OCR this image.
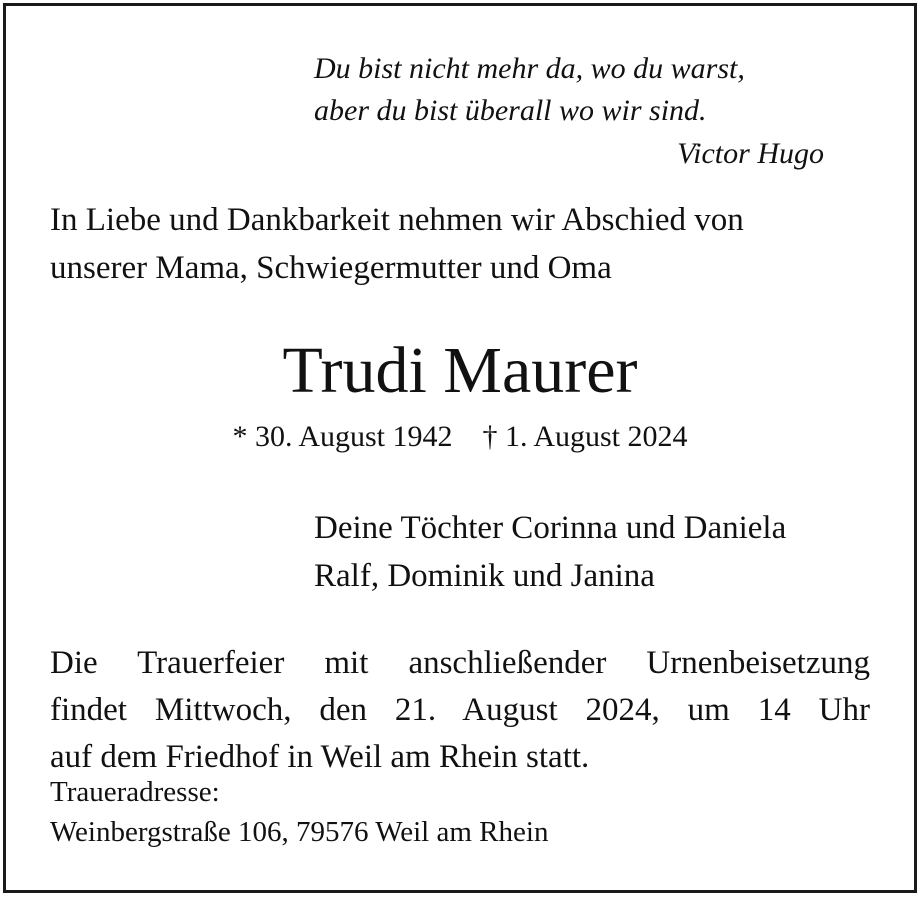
Du bist nicht mehr da, wo du warst,
aber du bist überall wo wir sind.
Victor Hugo
In Liebe und Dankbarkeit nehmen wir Abschied von
unserer Mama, Schwiegermutter und Oma
Trudi Maurer
* 30. August 1942 † 1. August 2024
Deine Töchter Corinna und Daniela
Ralf, Dominik und Janina
Die Trauerfeier mit anschließender Urnenbeisetzung
findet Mittwoch, den 21. August 2024, um 14 Uhr
auf dem Friedhof in Weil am Rhein statt.
Traueradresse:
Weinbergstraße 106, 79576 Weil am Rhein
